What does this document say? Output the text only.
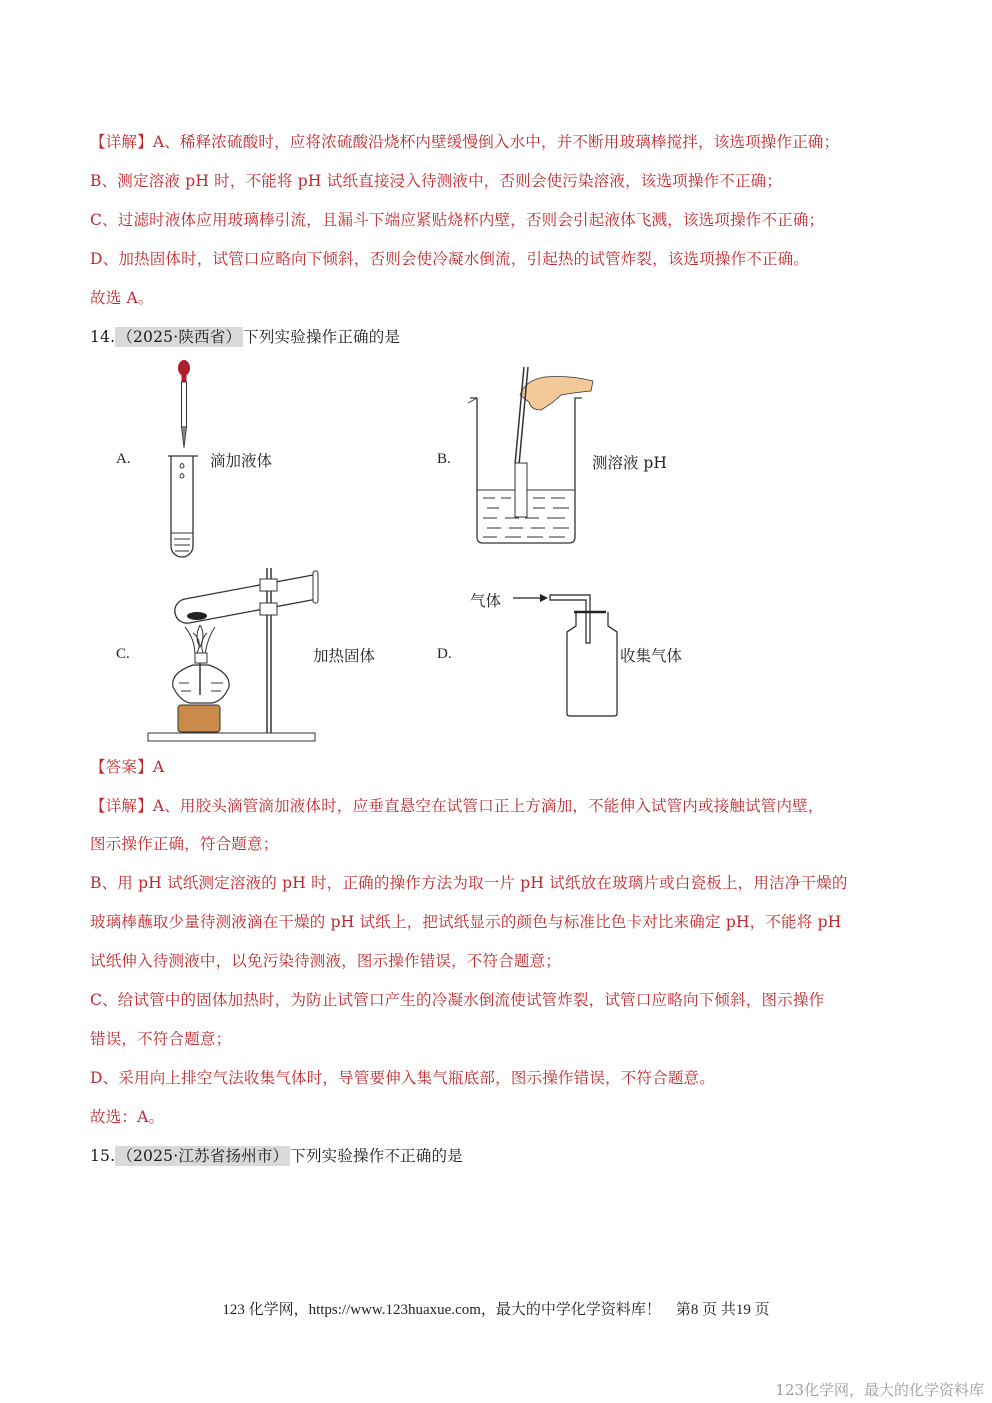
【详解】A、稀释浓硫酸时，应将浓硫酸沿烧杯内壁缓慢倒入水中，并不断用玻璃棒搅拌，该选项操作正确；
B、测定溶液 pH 时，不能将 pH 试纸直接浸入待测液中，否则会使污染溶液，该选项操作不正确；
C、过滤时液体应用玻璃棒引流，且漏斗下端应紧贴烧杯内壁，否则会引起液体飞溅，该选项操作不正确；
D、加热固体时，试管口应略向下倾斜，否则会使冷凝水倒流，引起热的试管炸裂，该选项操作不正确。
故选 A。
14. （2025·陕西省） 下列实验操作正确的是
A.	滴加液体	B.	测溶液 pH
C.	加热固体	D.
气体
收集气体
【答案】A
【详解】A、用胶头滴管滴加液体时，应垂直悬空在试管口正上方滴加，不能伸入试管内或接触试管内壁，
图示操作正确，符合题意；
B、用 pH 试纸测定溶液的 pH 时，正确的操作方法为取一片 pH 试纸放在玻璃片或白瓷板上，用洁净干燥的
玻璃棒蘸取少量待测液滴在干燥的 pH 试纸上，把试纸显示的颜色与标准比色卡对比来确定 pH，不能将 pH
试纸伸入待测液中，以免污染待测液，图示操作错误，不符合题意；
C、给试管中的固体加热时，为防止试管口产生的冷凝水倒流使试管炸裂，试管口应略向下倾斜，图示操作
错误，不符合题意；
D、采用向上排空气法收集气体时，导管要伸入集气瓶底部，图示操作错误，不符合题意。
故选：A。
15. （2025·江苏省扬州市） 下列实验操作不正确的是
123 化学网，https://www.123huaxue.com，最大的中学化学资料库！ 第8 页 共19 页
123化学网，最大的化学资料库
